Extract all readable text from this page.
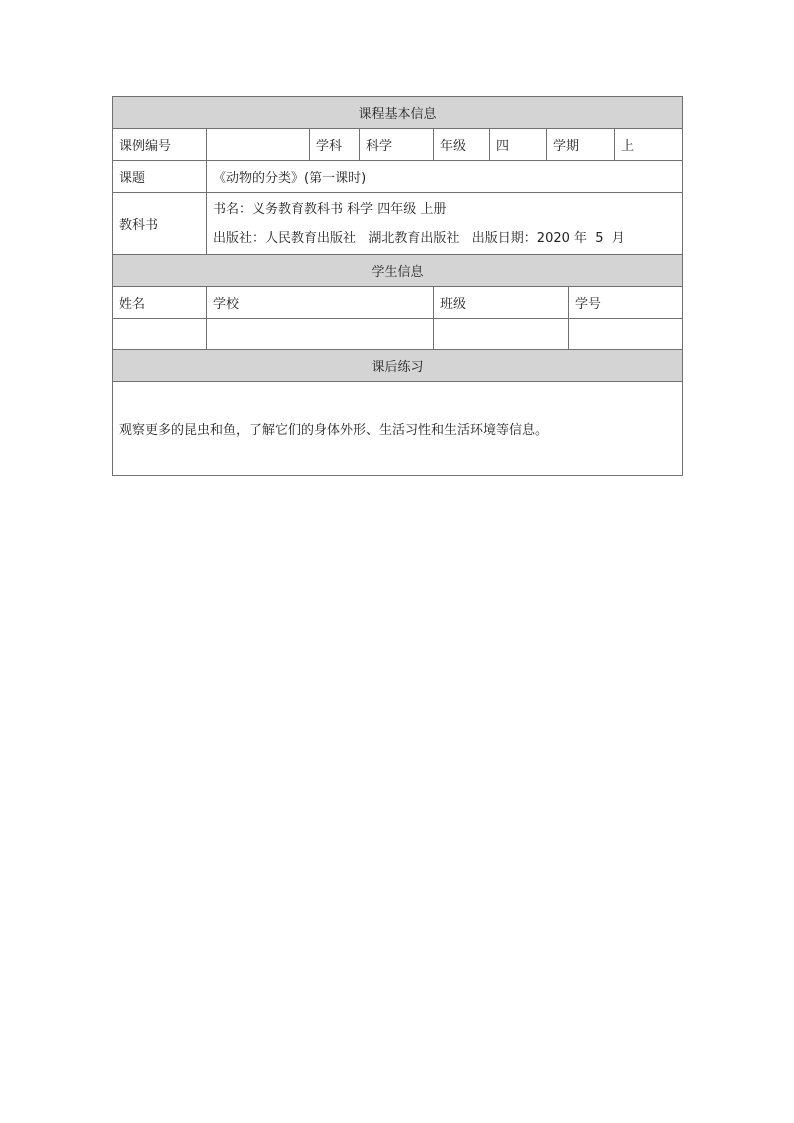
课程基本信息								
课例编号		学科	科学	年级	四	学期		上
课题	《动物的分类》(第一课时)							
教科书	书名：义务教育教科书 科学 四年级 上册
出版社：人民教育出版社   湖北教育出版社   出版日期：2020 年  5  月							

学生信息								
姓名	学校			班级			学号	

课后练习								
观察更多的昆虫和鱼，了解它们的身体外形、生活习性和生活环境等信息。								
